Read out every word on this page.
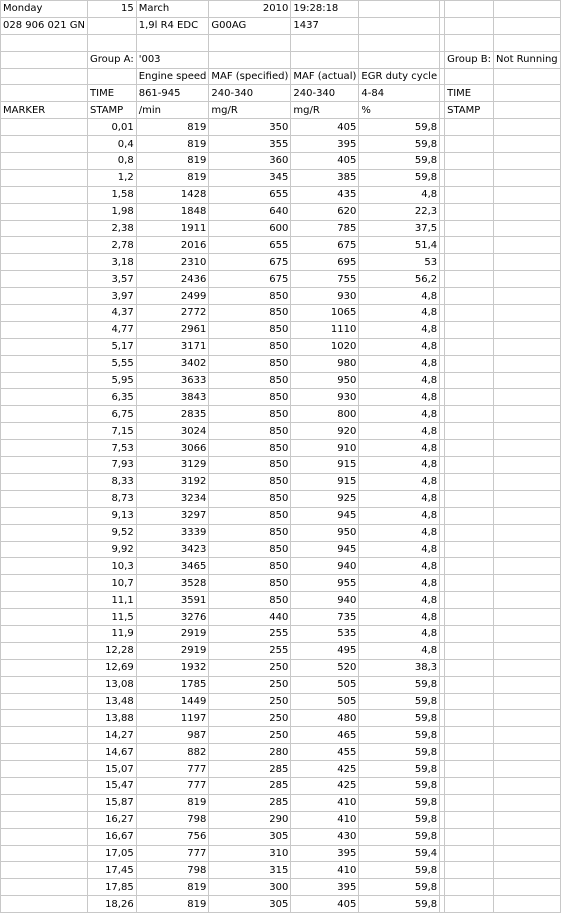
Monday	15	March	2010	19:28:18				
028 906 021 GN		1,9l R4 EDC	G00AG	1437				

	Group A:	'003					Group B:	Not Running
		Engine speed	MAF (specified)	MAF (actual)	EGR duty cycle			
	TIME	861-945	240-340	240-340	4-84		TIME	
MARKER	STAMP	/min	mg/R	mg/R	%		STAMP	
	0,01	819	350	405	59,8			
	0,4	819	355	395	59,8			
	0,8	819	360	405	59,8			
	1,2	819	345	385	59,8			
	1,58	1428	655	435	4,8			
	1,98	1848	640	620	22,3			
	2,38	1911	600	785	37,5			
	2,78	2016	655	675	51,4			
	3,18	2310	675	695	53			
	3,57	2436	675	755	56,2			
	3,97	2499	850	930	4,8			
	4,37	2772	850	1065	4,8			
	4,77	2961	850	1110	4,8			
	5,17	3171	850	1020	4,8			
	5,55	3402	850	980	4,8			
	5,95	3633	850	950	4,8			
	6,35	3843	850	930	4,8			
	6,75	2835	850	800	4,8			
	7,15	3024	850	920	4,8			
	7,53	3066	850	910	4,8			
	7,93	3129	850	915	4,8			
	8,33	3192	850	915	4,8			
	8,73	3234	850	925	4,8			
	9,13	3297	850	945	4,8			
	9,52	3339	850	950	4,8			
	9,92	3423	850	945	4,8			
	10,3	3465	850	940	4,8			
	10,7	3528	850	955	4,8			
	11,1	3591	850	940	4,8			
	11,5	3276	440	735	4,8			
	11,9	2919	255	535	4,8			
	12,28	2919	255	495	4,8			
	12,69	1932	250	520	38,3			
	13,08	1785	250	505	59,8			
	13,48	1449	250	505	59,8			
	13,88	1197	250	480	59,8			
	14,27	987	250	465	59,8			
	14,67	882	280	455	59,8			
	15,07	777	285	425	59,8			
	15,47	777	285	425	59,8			
	15,87	819	285	410	59,8			
	16,27	798	290	410	59,8			
	16,67	756	305	430	59,8			
	17,05	777	310	395	59,4			
	17,45	798	315	410	59,8			
	17,85	819	300	395	59,8			
	18,26	819	305	405	59,8			
